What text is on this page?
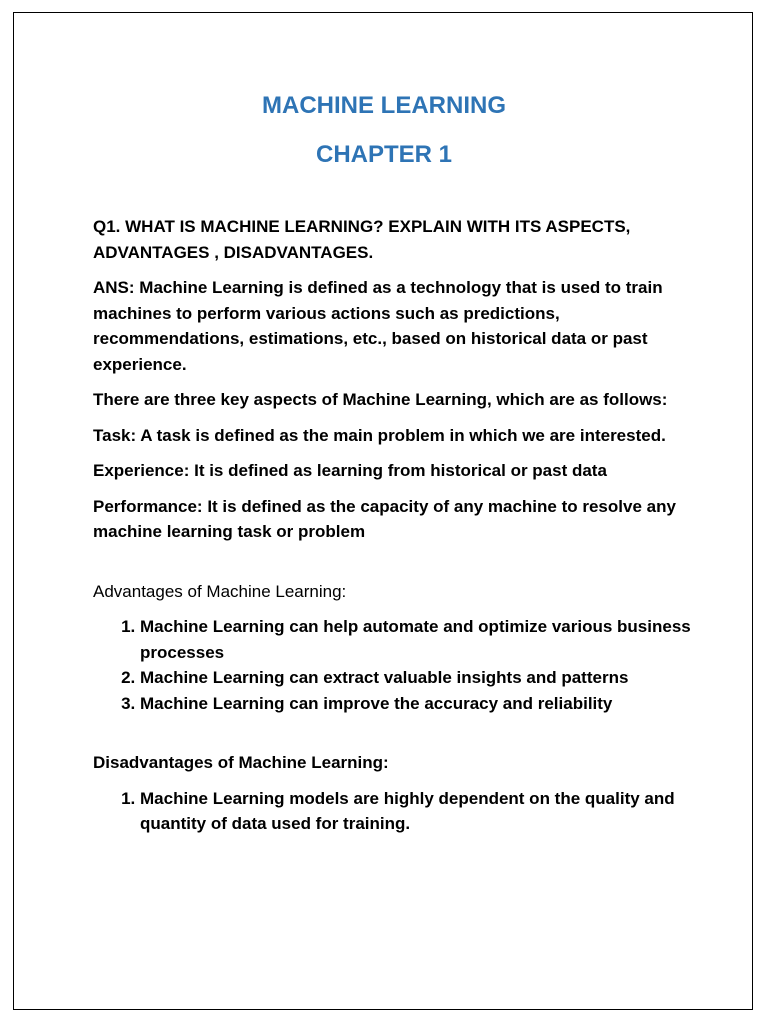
MACHINE LEARNING
CHAPTER 1

Q1. WHAT IS MACHINE LEARNING? EXPLAIN WITH ITS ASPECTS, ADVANTAGES , DISADVANTAGES.

ANS: Machine Learning is defined as a technology that is used to train machines to perform various actions such as predictions, recommendations, estimations, etc., based on historical data or past experience.

There are three key aspects of Machine Learning, which are as follows:

Task: A task is defined as the main problem in which we are interested.

Experience: It is defined as learning from historical or past data

Performance: It is defined as the capacity of any machine to resolve any machine learning task or problem

Advantages of Machine Learning:

1. Machine Learning can help automate and optimize various business processes
2. Machine Learning can extract valuable insights and patterns
3. Machine Learning can improve the accuracy and reliability

Disadvantages of Machine Learning:

1. Machine Learning models are highly dependent on the quality and quantity of data used for training.
